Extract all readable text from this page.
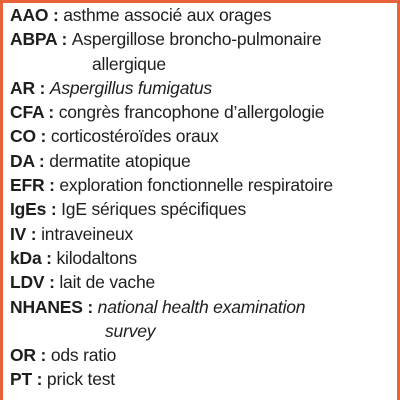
AAO : asthme associé aux orages
ABPA : Aspergillose broncho-pulmonaire
allergique
AR : Aspergillus fumigatus
CFA : congrès francophone d’allergologie
CO : corticostéroïdes oraux
DA : dermatite atopique
EFR : exploration fonctionnelle respiratoire
IgEs : IgE sériques spécifiques
IV : intraveineux
kDa : kilodaltons
LDV : lait de vache
NHANES : national health examination
survey
OR : ods ratio
PT : prick test
